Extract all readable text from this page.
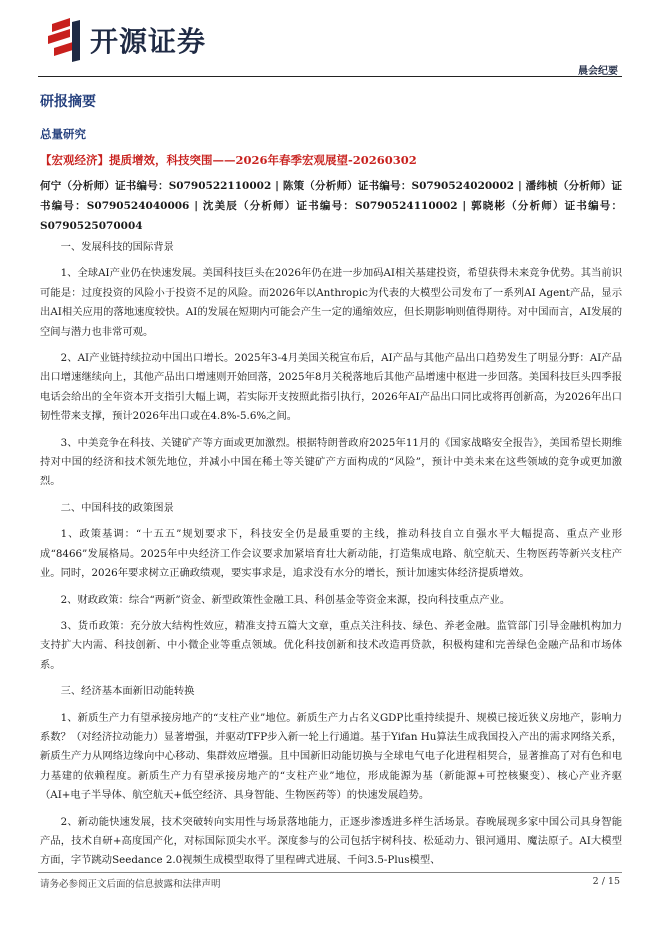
开源证券
晨会纪要
研报摘要
总量研究
【宏观经济】提质增效，科技突围——2026年春季宏观展望-20260302
何宁（分析师）证书编号：S0790522110002 | 陈策（分析师）证书编号：S0790524020002 | 潘纬桢（分析师）证书编号：S0790524040006 | 沈美辰（分析师）证书编号：S0790524110002 | 郭晓彬（分析师）证书编号：S0790525070004

一、发展科技的国际背景

1、全球AI产业仍在快速发展。美国科技巨头在2026年仍在进一步加码AI相关基建投资，希望获得未来竞争优势。其当前识可能是：过度投资的风险小于投资不足的风险。而2026年以Anthropic为代表的大模型公司发布了一系列AI Agent产品，显示出AI相关应用的落地速度较快。AI的发展在短期内可能会产生一定的通缩效应，但长期影响则值得期待。对中国而言，AI发展的空间与潜力也非常可观。

2、AI产业链持续拉动中国出口增长。2025年3-4月美国关税宣布后，AI产品与其他产品出口趋势发生了明显分野：AI产品出口增速继续向上，其他产品出口增速则开始回落，2025年8月关税落地后其他产品增速中枢进一步回落。美国科技巨头四季报电话会给出的全年资本开支指引大幅上调，若实际开支按照此指引执行，2026年AI产品出口同比或将再创新高，为2026年出口韧性带来支撑，预计2026年出口或在4.8%-5.6%之间。

3、中美竞争在科技、关键矿产等方面或更加激烈。根据特朗普政府2025年11月的《国家战略安全报告》，美国希望长期维持对中国的经济和技术领先地位，并减小中国在稀土等关键矿产方面构成的“风险”，预计中美未来在这些领域的竞争或更加激烈。

二、中国科技的政策图景

1、政策基调：“十五五”规划要求下，科技安全仍是最重要的主线，推动科技自立自强水平大幅提高、重点产业形成“8466”发展格局。2025年中央经济工作会议要求加紧培育壮大新动能，打造集成电路、航空航天、生物医药等新兴支柱产业。同时，2026年要求树立正确政绩观，要实事求是，追求没有水分的增长，预计加速实体经济提质增效。

2、财政政策：综合“两新”资金、新型政策性金融工具、科创基金等资金来源，投向科技重点产业。

3、货币政策：充分放大结构性效应，精准支持五篇大文章，重点关注科技、绿色、养老金融。监管部门引导金融机构加力支持扩大内需、科技创新、中小微企业等重点领域。优化科技创新和技术改造再贷款，积极构建和完善绿色金融产品和市场体系。

三、经济基本面新旧动能转换

1、新质生产力有望承接房地产的“支柱产业”地位。新质生产力占名义GDP比重持续提升、规模已接近狭义房地产，影响力系数？（对经济拉动能力）显著增强，并驱动TFP步入新一轮上行通道。基于Yifan Hu算法生成我国投入产出的需求网络关系，新质生产力从网络边缘向中心移动、集群效应增强。且中国新旧动能切换与全球电气电子化进程相契合，显著推高了对有色和电力基建的依赖程度。新质生产力有望承接房地产的“支柱产业”地位，形成能源为基（新能源+可控核聚变）、核心产业齐驱（AI+电子半导体、航空航天+低空经济、具身智能、生物医药等）的快速发展趋势。

2、新动能快速发展，技术突破转向实用性与场景落地能力，正逐步渗透进多样生活场景。春晚展现多家中国公司具身智能产品，技术自研+高度国产化，对标国际顶尖水平。深度参与的公司包括宇树科技、松延动力、银河通用、魔法原子。AI大模型方面，字节跳动Seedance 2.0视频生成模型取得了里程碑式进展、千问3.5-Plus模型、

请务必参阅正文后面的信息披露和法律声明	2 / 15
